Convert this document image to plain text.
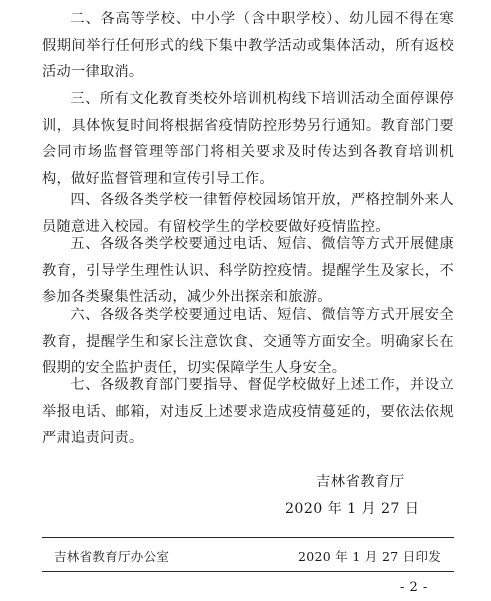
二、各高等学校、中小学（含中职学校）、幼儿园不得在寒假期间举行任何形式的线下集中教学活动或集体活动，所有返校活动一律取消。

三、所有文化教育类校外培训机构线下培训活动全面停课停训，具体恢复时间将根据省疫情防控形势另行通知。教育部门要会同市场监督管理等部门将相关要求及时传达到各教育培训机构，做好监督管理和宣传引导工作。

四、各级各类学校一律暂停校园场馆开放，严格控制外来人员随意进入校园。有留校学生的学校要做好疫情监控。

五、各级各类学校要通过电话、短信、微信等方式开展健康教育，引导学生理性认识、科学防控疫情。提醒学生及家长，不参加各类聚集性活动，减少外出探亲和旅游。

六、各级各类学校要通过电话、短信、微信等方式开展安全教育，提醒学生和家长注意饮食、交通等方面安全。明确家长在假期的安全监护责任，切实保障学生人身安全。

七、各级教育部门要指导、督促学校做好上述工作，并设立举报电话、邮箱，对违反上述要求造成疫情蔓延的，要依法依规严肃追责问责。

吉林省教育厅
2020 年 1 月 27 日
吉林省教育厅办公室	2020 年 1 月 27 日印发
- 2 -
